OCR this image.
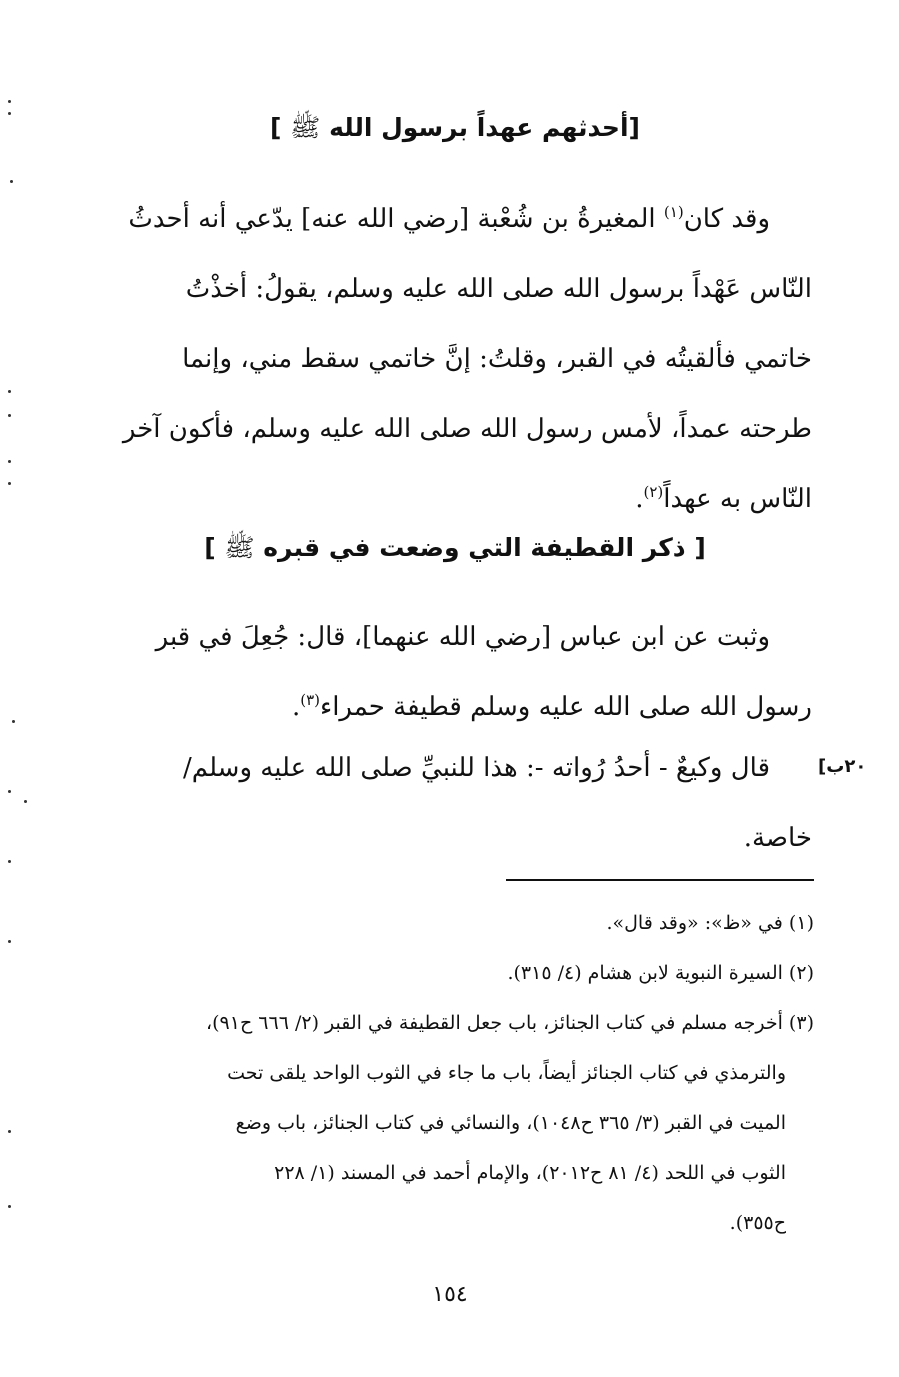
[أحدثهم عهداً برسول الله ﷺ ]
وقد كان$^{(١)}$ المغيرةُ بن شُعْبة [رضي الله عنه] يدّعي أنه أحدثُ
النّاس عَهْداً برسول الله صلى الله عليه وسلم، يقولُ: أخذْتُ
خاتمي فألقيتُه في القبر، وقلتُ: إنَّ خاتمي سقط مني، وإنما
طرحته عمداً، لأمس رسول الله صلى الله عليه وسلم، فأكون آخر
النّاس به عهداً$^{(٢)}$.
[ ذكر القطيفة التي وضعت في قبره ﷺ ]
وثبت عن ابن عباس [رضي الله عنهما]، قال: جُعِلَ في قبر
رسول الله صلى الله عليه وسلم قطيفة حمراء$^{(٣)}$.
قال وكيعٌ - أحدُ رُواته -: هذا للنبيِّ صلى الله عليه وسلم/
خاصة.
٢٠ب]
(١) في «ظ»: «وقد قال».
(٢) السيرة النبوية لابن هشام (٤/ ٣١٥).
(٣) أخرجه مسلم في كتاب الجنائز، باب جعل القطيفة في القبر (٢/ ٦٦٦ ح٩١)،
والترمذي في كتاب الجنائز أيضاً، باب ما جاء في الثوب الواحد يلقى تحت
الميت في القبر (٣/ ٣٦٥ ح١٠٤٨)، والنسائي في كتاب الجنائز، باب وضع
الثوب في اللحد (٤/ ٨١ ح٢٠١٢)، والإمام أحمد في المسند (١/ ٢٢٨
ح٣٥٥).
١٥٤
